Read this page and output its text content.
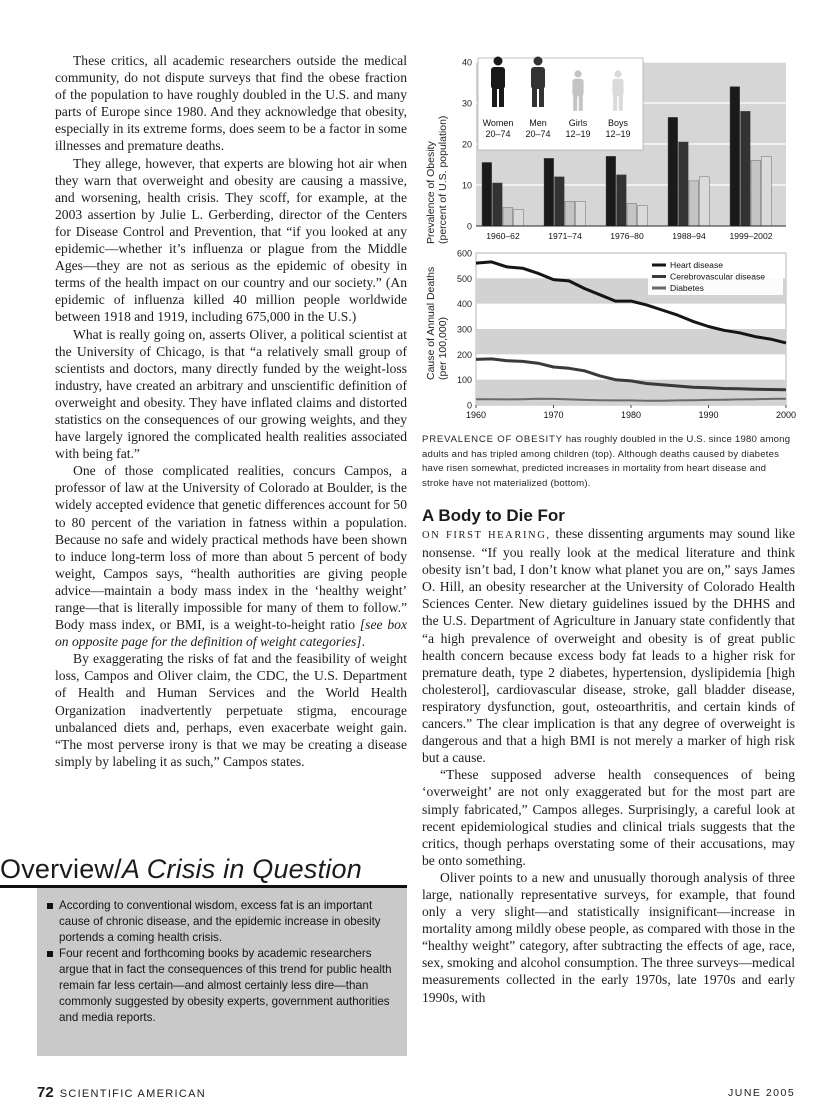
These critics, all academic researchers outside the medical community, do not dispute surveys that find the obese fraction of the population to have roughly doubled in the U.S. and many parts of Europe since 1980. And they acknowledge that obesity, especially in its extreme forms, does seem to be a factor in some illnesses and premature deaths.

They allege, however, that experts are blowing hot air when they warn that overweight and obesity are causing a massive, and worsening, health crisis. They scoff, for example, at the 2003 assertion by Julie L. Gerberding, director of the Centers for Disease Control and Prevention, that “if you looked at any epidemic—whether it’s influenza or plague from the Middle Ages—they are not as serious as the epidemic of obesity in terms of the health impact on our country and our society.” (An epidemic of influenza killed 40 million people worldwide between 1918 and 1919, including 675,000 in the U.S.)

What is really going on, asserts Oliver, a political scientist at the University of Chicago, is that “a relatively small group of scientists and doctors, many directly funded by the weight-loss industry, have created an arbitrary and unscientific definition of overweight and obesity. They have inflated claims and distorted statistics on the consequences of our growing weights, and they have largely ignored the complicated health realities associated with being fat.”

One of those complicated realities, concurs Campos, a professor of law at the University of Colorado at Boulder, is the widely accepted evidence that genetic differences account for 50 to 80 percent of the variation in fatness within a population. Because no safe and widely practical methods have been shown to induce long-term loss of more than about 5 percent of body weight, Campos says, “health authorities are giving people advice—maintain a body mass index in the ‘healthy weight’ range—that is literally impossible for many of them to follow.” Body mass index, or BMI, is a weight-to-height ratio [see box on opposite page for the definition of weight categories].

By exaggerating the risks of fat and the feasibility of weight loss, Campos and Oliver claim, the CDC, the U.S. Department of Health and Human Services and the World Health Organization inadvertently perpetuate stigma, encourage unbalanced diets and, perhaps, even exacerbate weight gain. “The most perverse irony is that we may be creating a disease simply by labeling it as such,” Campos states.

Overview/A Crisis in Question
According to conventional wisdom, excess fat is an important cause of chronic disease, and the epidemic increase in obesity portends a coming health crisis.
Four recent and forthcoming books by academic researchers argue that in fact the consequences of this trend for public health remain far less certain—and almost certainly less dire—than commonly suggested by obesity experts, government authorities and media reports.
72 SCIENTIFIC AMERICAN	JUNE 2005
0
10
20
30
40
Women
20–74
Men
20–74
Girls
12–19
Boys
12–19
1960–62	1971–74	1976–80	1988–94	1999–2002
Prevalence of Obesity (percent of U.S. population)
0
100
200
300
400
500
600
1960	1970	1980	1990	2000
Heart disease
Cerebrovascular disease
Diabetes
Cause of Annual Deaths (per 100,000)
PREVALENCE OF OBESITY has roughly doubled in the U.S. since 1980 among adults and has tripled among children (top). Although deaths caused by diabetes have risen somewhat, predicted increases in mortality from heart disease and stroke have not materialized (bottom).
A Body to Die For

ON FIRST HEARING, these dissenting arguments may sound like nonsense. “If you really look at the medical literature and think obesity isn’t bad, I don’t know what planet you are on,” says James O. Hill, an obesity researcher at the University of Colorado Health Sciences Center. New dietary guidelines issued by the DHHS and the U.S. Department of Agriculture in January state confidently that “a high prevalence of overweight and obesity is of great public health concern because excess body fat leads to a higher risk for premature death, type 2 diabetes, hypertension, dyslipidemia [high cholesterol], cardiovascular disease, stroke, gall bladder disease, respiratory dysfunction, gout, osteoarthritis, and certain kinds of cancers.” The clear implication is that any degree of overweight is dangerous and that a high BMI is not merely a marker of high risk but a cause.

“These supposed adverse health consequences of being ‘overweight’ are not only exaggerated but for the most part are simply fabricated,” Campos alleges. Surprisingly, a careful look at recent epidemiological studies and clinical trials suggests that the critics, though perhaps overstating some of their accusations, may be onto something.

Oliver points to a new and unusually thorough analysis of three large, nationally representative surveys, for example, that found only a very slight—and statistically insignificant—increase in mortality among mildly obese people, as compared with those in the “healthy weight” category, after subtracting the effects of age, race, sex, smoking and alcohol consumption. The three surveys—medical measurements collected in the early 1970s, late 1970s and early 1990s, with
